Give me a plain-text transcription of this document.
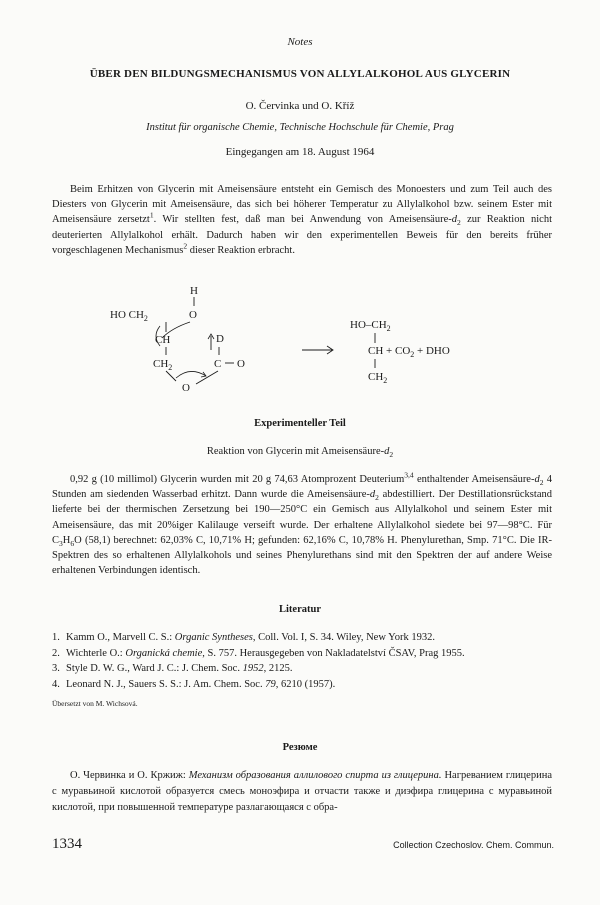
Notes
ÜBER DEN BILDUNGSMECHANISMUS VON ALLYLALKOHOL AUS GLYCERIN
O. Červinka und O. Kříž
Institut für organische Chemie, Technische Hochschule für Chemie, Prag
Eingegangen am 18. August 1964
Beim Erhitzen von Glycerin mit Ameisensäure entsteht ein Gemisch des Monoesters und zum Teil auch des Diesters von Glycerin mit Ameisensäure, das sich bei höherer Temperatur zu Allylalkohol bzw. seinem Ester mit Ameisensäure zersetzt$^1$. Wir stellten fest, daß man bei Anwendung von Ameisensäure-$d_2$ zur Reaktion nicht deuterierten Allylalkohol erhält. Dadurch haben wir den experimentellen Beweis für den bereits früher vorgeschlagenen Mechanismus$^2$ dieser Reaktion erbracht.
H
HO $CH_2$	O
CH
$CH_2$
D
C O
O
$HO-CH_2$
CH + $CO_2$ + DHO
$CH_2$
Experimenteller Teil
Reaktion von Glycerin mit Ameisensäure-$d_2$
0,92 g (10 millimol) Glycerin wurden mit 20 g 74,63 Atomprozent Deuterium$^{3,4}$ enthaltender Ameisensäure-$d_2$ 4 Stunden am siedenden Wasserbad erhitzt. Dann wurde die Ameisensäure-$d_2$ abdestilliert. Der Destillationsrückstand lieferte bei der thermischen Zersetzung bei 190—250°C ein Gemisch aus Allylalkohol und seinem Ester mit Ameisensäure, das mit 20%iger Kalilauge verseift wurde. Der erhaltene Allylalkohol siedete bei 97—98°C. Für $C_3H_6O$ (58,1) berechnet: 62,03% C, 10,71% H; gefunden: 62,16% C, 10,78% H. Phenylurethan, Smp. 71°C. Die IR-Spektren des so erhaltenen Allylalkohols und seines Phenylurethans sind mit den Spektren der auf andere Weise erhaltenen Verbindungen identisch.
Literatur
1. Kamm O., Marvell C. S.: Organic Syntheses, Coll. Vol. I, S. 34. Wiley, New York 1932.
2. Wichterle O.: Organická chemie, S. 757. Herausgegeben von Nakladatelství ČSAV, Prag 1955.
3. Style D. W. G., Ward J. C.: J. Chem. Soc. 1952, 2125.
4. Leonard N. J., Sauers S. S.: J. Am. Chem. Soc. 79, 6210 (1957).
Übersetzt von M. Wichsová.
Резюме
О. Червинка и О. Кржиж: Механизм образования аллилового спирта из глицерина. Нагреванием глицерина с муравьиной кислотой образуется смесь моноэфира и отчасти также и диэфира глицерина с муравьиной кислотой, при повышенной температуре разлагающаяся с обра-
1334	Collection Czechoslov. Chem. Commun.
